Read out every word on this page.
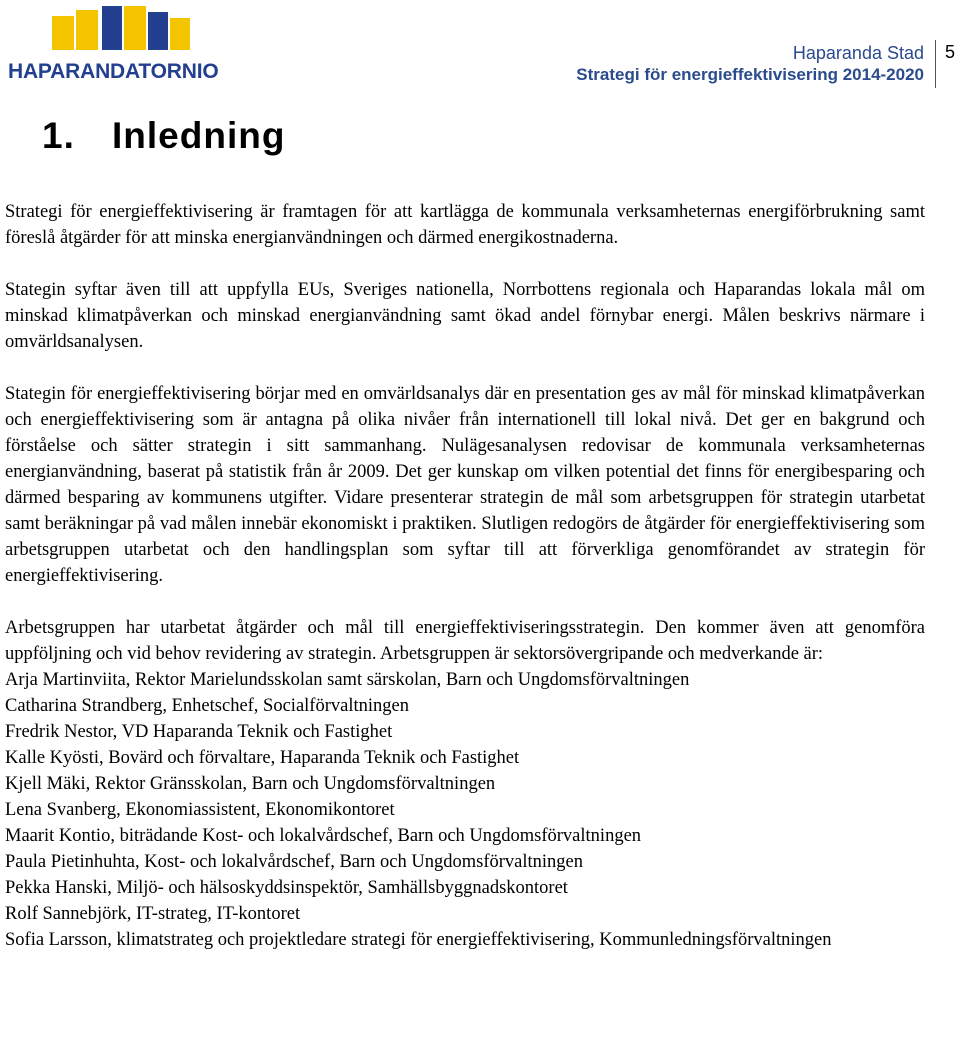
HAPARANDATORNIO
Haparanda Stad
Strategi för energieffektivisering 2014-2020
5
1. Inledning

Strategi för energieffektivisering är framtagen för att kartlägga de kommunala verksamheternas energiförbrukning samt föreslå åtgärder för att minska energianvändningen och därmed energikostnaderna.

Stategin syftar även till att uppfylla EUs, Sveriges nationella, Norrbottens regionala och Haparandas lokala mål om minskad klimatpåverkan och minskad energianvändning samt ökad andel förnybar energi. Målen beskrivs närmare i omvärldsanalysen.

Stategin för energieffektivisering börjar med en omvärldsanalys där en presentation ges av mål för minskad klimatpåverkan och energieffektivisering som är antagna på olika nivåer från internationell till lokal nivå. Det ger en bakgrund och förståelse och sätter strategin i sitt sammanhang. Nulägesanalysen redovisar de kommunala verksamheternas energianvändning, baserat på statistik från år 2009. Det ger kunskap om vilken potential det finns för energibesparing och därmed besparing av kommunens utgifter. Vidare presenterar strategin de mål som arbetsgruppen för strategin utarbetat samt beräkningar på vad målen innebär ekonomiskt i praktiken. Slutligen redogörs de åtgärder för energieffektivisering som arbetsgruppen utarbetat och den handlingsplan som syftar till att förverkliga genomförandet av strategin för energieffektivisering.

Arbetsgruppen har utarbetat åtgärder och mål till energieffektiviseringsstrategin. Den kommer även att genomföra uppföljning och vid behov revidering av strategin. Arbetsgruppen är sektorsövergripande och medverkande är:

Arja Martinviita, Rektor Marielundsskolan samt särskolan, Barn och Ungdomsförvaltningen
Catharina Strandberg, Enhetschef, Socialförvaltningen
Fredrik Nestor, VD Haparanda Teknik och Fastighet
Kalle Kyösti, Bovärd och förvaltare, Haparanda Teknik och Fastighet
Kjell Mäki, Rektor Gränsskolan, Barn och Ungdomsförvaltningen
Lena Svanberg, Ekonomiassistent, Ekonomikontoret
Maarit Kontio, biträdande Kost- och lokalvårdschef, Barn och Ungdomsförvaltningen
Paula Pietinhuhta, Kost- och lokalvårdschef, Barn och Ungdomsförvaltningen
Pekka Hanski, Miljö- och hälsoskyddsinspektör, Samhällsbyggnadskontoret
Rolf Sannebjörk, IT-strateg, IT-kontoret
Sofia Larsson, klimatstrateg och projektledare strategi för energieffektivisering, Kommunledningsförvaltningen
